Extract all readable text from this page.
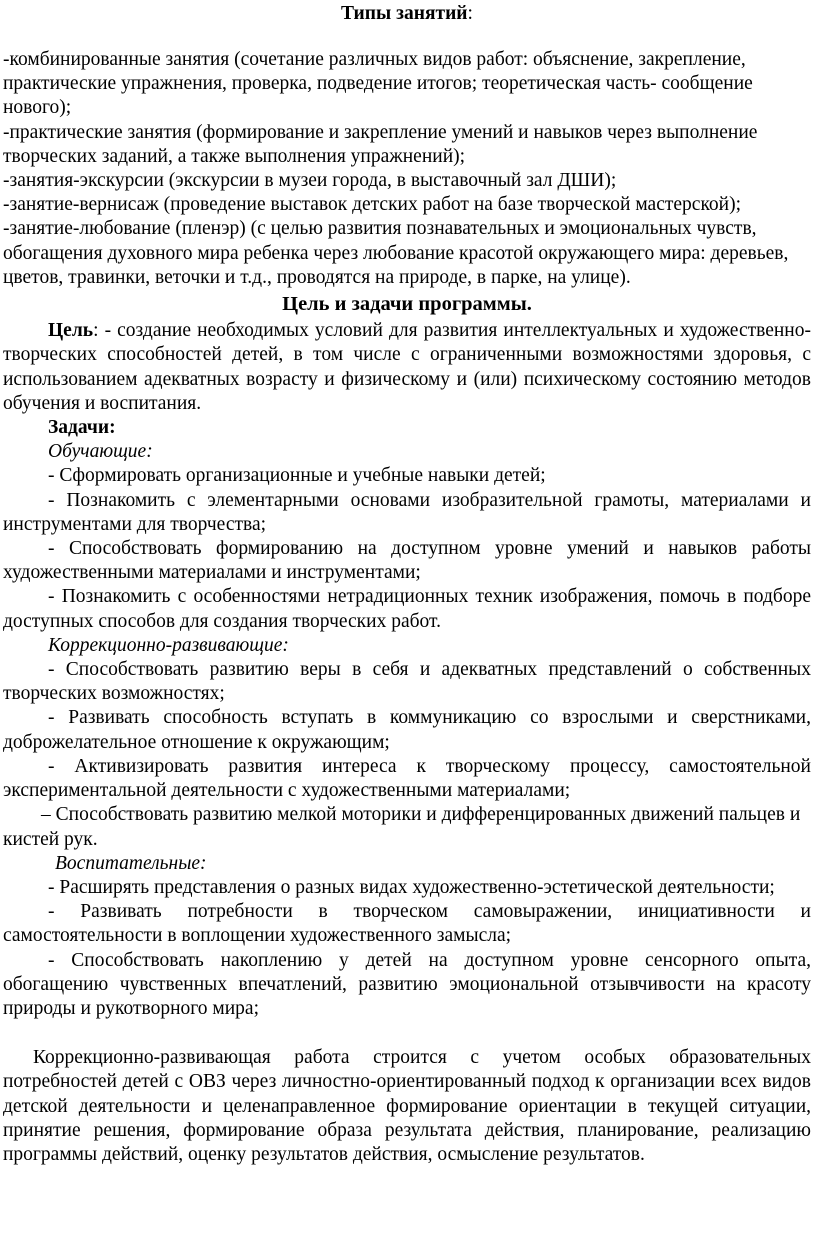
Типы занятий:

-комбинированные занятия (сочетание различных видов работ: объяснение, закрепление, практические упражнения, проверка, подведение итогов; теоретическая часть- сообщение нового);

-практические занятия (формирование и закрепление умений и навыков через выполнение творческих заданий, а также выполнения упражнений);

-занятия-экскурсии (экскурсии в музеи города, в выставочный зал ДШИ);

-занятие-вернисаж (проведение выставок детских работ на базе творческой мастерской);

-занятие-любование (пленэр) (с целью развития познавательных и эмоциональных чувств, обогащения духовного мира ребенка через любование красотой окружающего мира: деревьев, цветов, травинки, веточки и т.д., проводятся на природе, в парке, на улице).

Цель и задачи программы.

Цель: - создание необходимых условий для развития интеллектуальных и художественно-творческих способностей детей, в том числе с ограниченными возможностями здоровья, с использованием адекватных возрасту и физическому и (или) психическому состоянию методов обучения и воспитания.

Задачи:

Обучающие:

- Сформировать организационные и учебные навыки детей;

- Познакомить с элементарными основами изобразительной грамоты, материалами и инструментами для творчества;

- Способствовать формированию на доступном уровне умений и навыков работы художественными материалами и инструментами;

- Познакомить с особенностями нетрадиционных техник изображения, помочь в подборе доступных способов для создания творческих работ.

Коррекционно-развивающие:

- Способствовать развитию веры в себя и адекватных представлений о собственных творческих возможностях;

- Развивать способность вступать в коммуникацию со взрослыми и сверстниками, доброжелательное отношение к окружающим;

- Активизировать развития интереса к творческому процессу, самостоятельной экспериментальной деятельности с художественными материалами;

– Способствовать развитию мелкой моторики и дифференцированных движений пальцев и кистей рук.

Воспитательные:

- Расширять представления о разных видах художественно-эстетической деятельности;

- Развивать потребности в творческом самовыражении, инициативности и самостоятельности в воплощении художественного замысла;

- Способствовать накоплению у детей на доступном уровне сенсорного опыта, обогащению чувственных впечатлений, развитию эмоциональной отзывчивости на красоту природы и рукотворного мира;

Коррекционно-развивающая работа строится с учетом особых образовательных потребностей детей с ОВЗ через личностно-ориентированный подход к организации всех видов детской деятельности и целенаправленное формирование ориентации в текущей ситуации, принятие решения, формирование образа результата действия, планирование, реализацию программы действий, оценку результатов действия, осмысление результатов.
